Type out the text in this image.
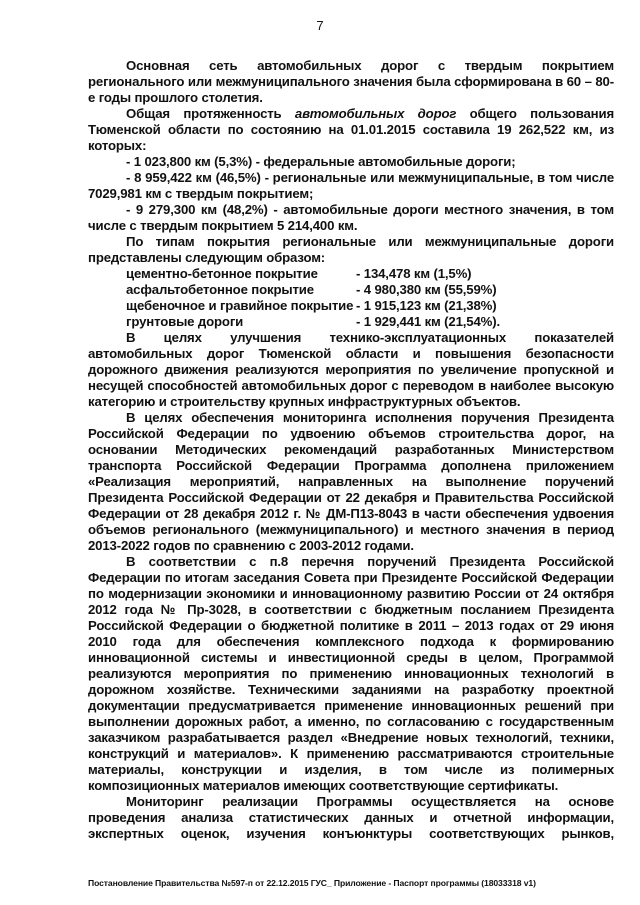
7

Основная сеть автомобильных дорог с твердым покрытием регионального или межмуниципального значения была сформирована в 60 – 80-е годы прошлого столетия.

Общая протяженность автомобильных дорог общего пользования Тюменской области по состоянию на 01.01.2015 составила 19 262,522 км, из которых:

- 1 023,800 км (5,3%) - федеральные автомобильные дороги;

- 8 959,422 км (46,5%) - региональные или межмуниципальные, в том числе 7029,981 км с твердым покрытием;

- 9 279,300 км (48,2%) - автомобильные дороги местного значения, в том числе с твердым покрытием 5 214,400 км.

По типам покрытия региональные или межмуниципальные дороги представлены следующим образом:

цементно-бетонное покрытие	- 134,478 км (1,5%)
асфальтобетонное покрытие	- 4 980,380 км (55,59%)
щебеночное и гравийное покрытие - 1 915,123 км (21,38%)
грунтовые дороги	- 1 929,441 км (21,54%).

В целях улучшения технико-эксплуатационных показателей автомобильных дорог Тюменской области и повышения безопасности дорожного движения реализуются мероприятия по увеличение пропускной и несущей способностей автомобильных дорог с переводом в наиболее высокую категорию и строительству крупных инфраструктурных объектов.

В целях обеспечения мониторинга исполнения поручения Президента Российской Федерации по удвоению объемов строительства дорог, на основании Методических рекомендаций разработанных Министерством транспорта Российской Федерации Программа дополнена приложением «Реализация мероприятий, направленных на выполнение поручений Президента Российской Федерации от 22 декабря и Правительства Российской Федерации от 28 декабря 2012 г. № ДМ-П13-8043 в части обеспечения удвоения объемов регионального (межмуниципального) и местного значения в период 2013-2022 годов по сравнению с 2003-2012 годами.

В соответствии с п.8 перечня поручений Президента Российской Федерации по итогам заседания Совета при Президенте Российской Федерации по модернизации экономики и инновационному развитию России от 24 октября 2012 года № Пр-3028, в соответствии с бюджетным посланием Президента Российской Федерации о бюджетной политике в 2011 – 2013 годах от 29 июня 2010 года для обеспечения комплексного подхода к формированию инновационной системы и инвестиционной среды в целом, Программой реализуются мероприятия по применению инновационных технологий в дорожном хозяйстве. Техническими заданиями на разработку проектной документации предусматривается применение инновационных решений при выполнении дорожных работ, а именно, по согласованию с государственным заказчиком разрабатывается раздел «Внедрение новых технологий, техники, конструкций и материалов». К применению рассматриваются строительные материалы, конструкции и изделия, в том числе из полимерных композиционных материалов имеющих соответствующие сертификаты.

Мониторинг реализации Программы осуществляется на основе проведения анализа статистических данных и отчетной информации, экспертных оценок, изучения конъюнктуры соответствующих рынков,

Постановление Правительства №597-п от 22.12.2015 ГУС_ Приложение - Паспорт программы (18033318 v1)
